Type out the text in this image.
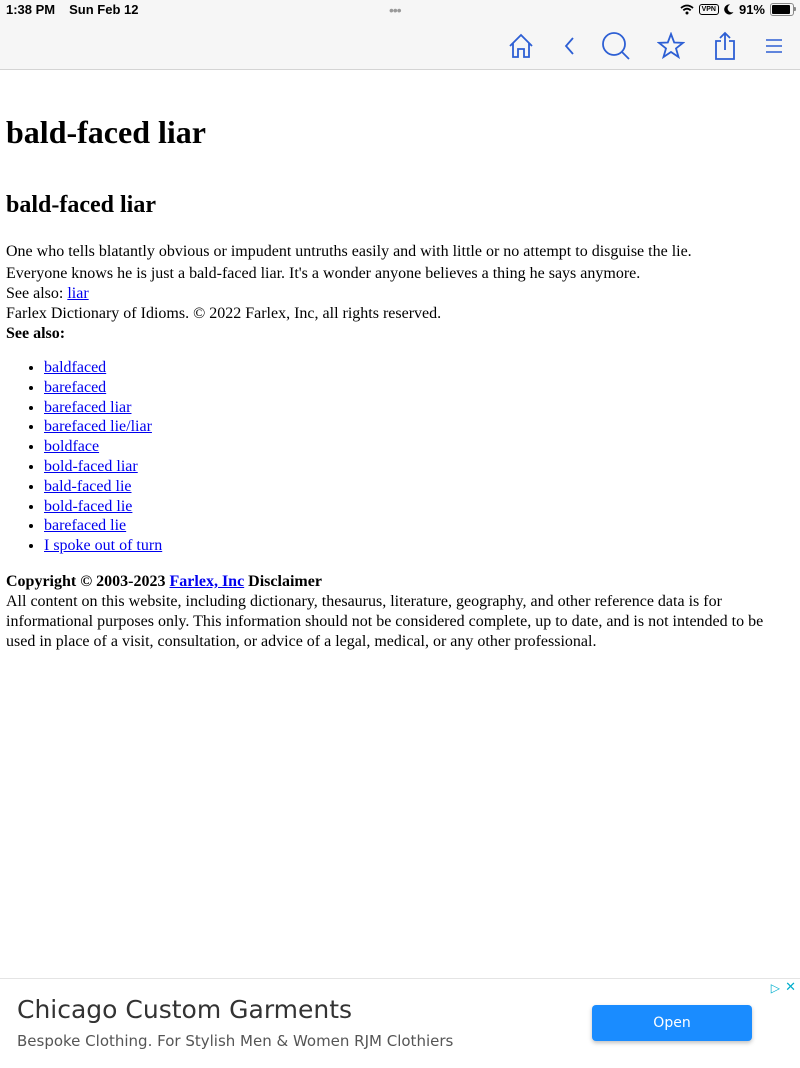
1:38 PM Sun Feb 12	•••	VPN 91%
bald-faced liar
bald-faced liar
One who tells blatantly obvious or impudent untruths easily and with little or no attempt to disguise the lie.
Everyone knows he is just a bald-faced liar. It's a wonder anyone believes a thing he says anymore.
See also: liar
Farlex Dictionary of Idioms. © 2022 Farlex, Inc, all rights reserved.
See also:
• baldfaced
• barefaced
• barefaced liar
• barefaced lie/liar
• boldface
• bold-faced liar
• bald-faced lie
• bold-faced lie
• barefaced lie
• I spoke out of turn
Copyright © 2003-2023 Farlex, Inc Disclaimer
All content on this website, including dictionary, thesaurus, literature, geography, and other reference data is for informational purposes only. This information should not be considered complete, up to date, and is not intended to be used in place of a visit, consultation, or advice of a legal, medical, or any other professional.
Chicago Custom Garments
Bespoke Clothing. For Stylish Men & Women RJM Clothiers
Open
▷ ✕
